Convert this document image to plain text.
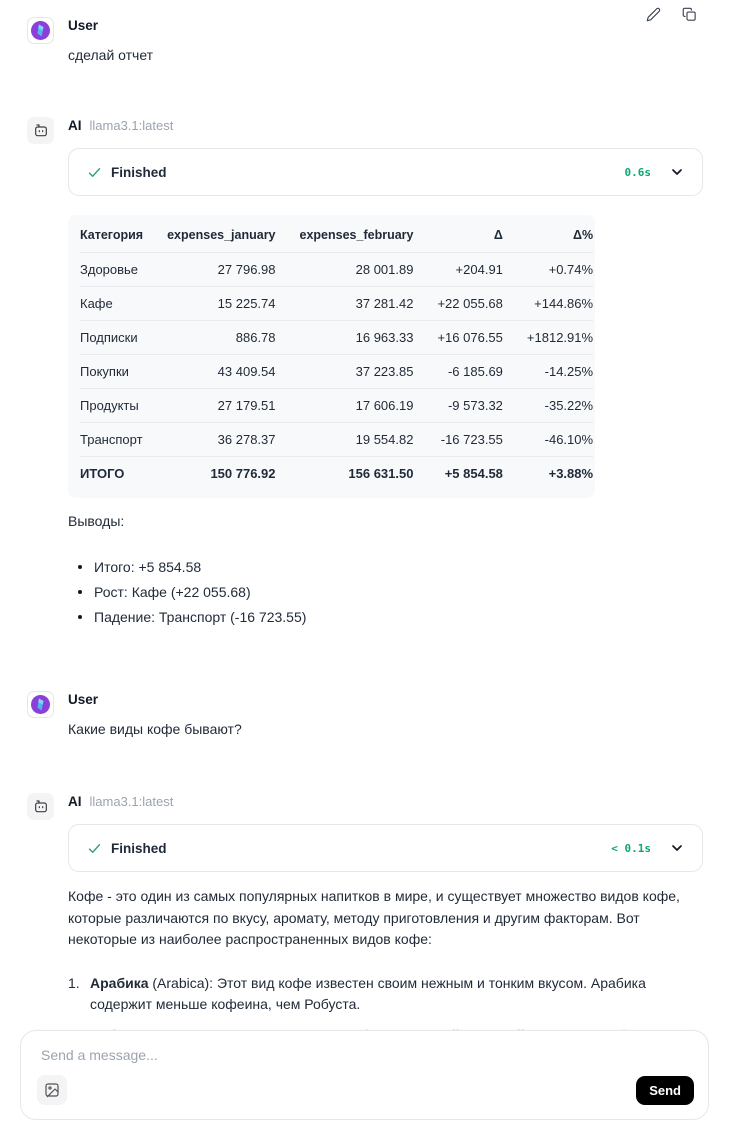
User
сделай отчет
AI llama3.1:latest
Finished	0.6s
Категория	expenses_january	expenses_february	Δ	Δ%
Здоровье	27 796.98	28 001.89	+204.91	+0.74%
Кафе	15 225.74	37 281.42	+22 055.68	+144.86%
Подписки	886.78	16 963.33	+16 076.55	+1812.91%
Покупки	43 409.54	37 223.85	-6 185.69	-14.25%
Продукты	27 179.51	17 606.19	-9 573.32	-35.22%
Транспорт	36 278.37	19 554.82	-16 723.55	-46.10%
ИТОГО	150 776.92	156 631.50	+5 854.58	+3.88%
Выводы:
Итого: +5 854.58
Рост: Кафе (+22 055.68)
Падение: Транспорт (-16 723.55)
User
Какие виды кофе бывают?
AI llama3.1:latest
Finished	< 0.1s
Кофе - это один из самых популярных напитков в мире, и существует множество видов кофе, которые различаются по вкусу, аромату, методу приготовления и другим факторам. Вот некоторые из наиболее распространенных видов кофе:
1. Арабика (Arabica): Этот вид кофе известен своим нежным и тонким вкусом. Арабика содержит меньше кофеина, чем Робуста.
Send a message...
Send
